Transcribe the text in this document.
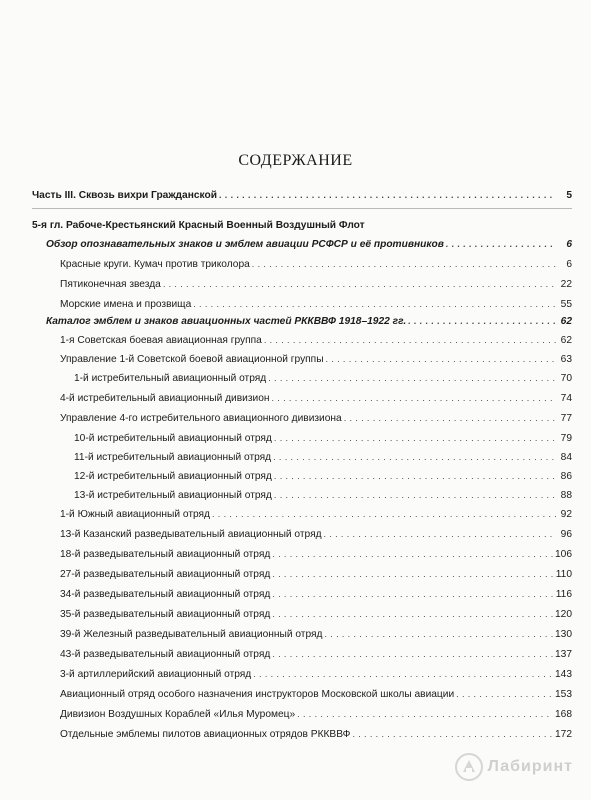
СОДЕРЖАНИЕ
Часть III. Сквозь вихри Гражданской . . .	5
5-я гл. Рабоче-Крестьянский Красный Военный Воздушный Флот
Обзор опознавательных знаков и эмблем авиации РСФСР и её противников . . .	6
Красные круги. Кумач против триколора . . .	6
Пятиконечная звезда . . .	22
Морские имена и прозвища . . .	55
Каталог эмблем и знаков авиационных частей РККВВФ 1918–1922 гг. . . .	62
1-я Советская боевая авиационная группа . . .	62
Управление 1-й Советской боевой авиационной группы . . .	63
1-й истребительный авиационный отряд . . .	70
4-й истребительный авиационный дивизион . . .	74
Управление 4-го истребительного авиационного дивизиона . . .	77
10-й истребительный авиационный отряд . . .	79
11-й истребительный авиационный отряд . . .	84
12-й истребительный авиационный отряд . . .	86
13-й истребительный авиационный отряд . . .	88
1-й Южный авиационный отряд . . .	92
13-й Казанский разведывательный авиационный отряд . . .	96
18-й разведывательный авиационный отряд . . .	106
27-й разведывательный авиационный отряд . . .	110
34-й разведывательный авиационный отряд . . .	116
35-й разведывательный авиационный отряд . . .	120
39-й Железный разведывательный авиационный отряд . . .	130
43-й разведывательный авиационный отряд . . .	137
3-й артиллерийский авиационный отряд . . .	143
Авиационный отряд особого назначения инструкторов Московской школы авиации . . .	153
Дивизион Воздушных Кораблей «Илья Муромец» . . .	168
Отдельные эмблемы пилотов авиационных отрядов РККВВФ . . .	172
Лабиринт
